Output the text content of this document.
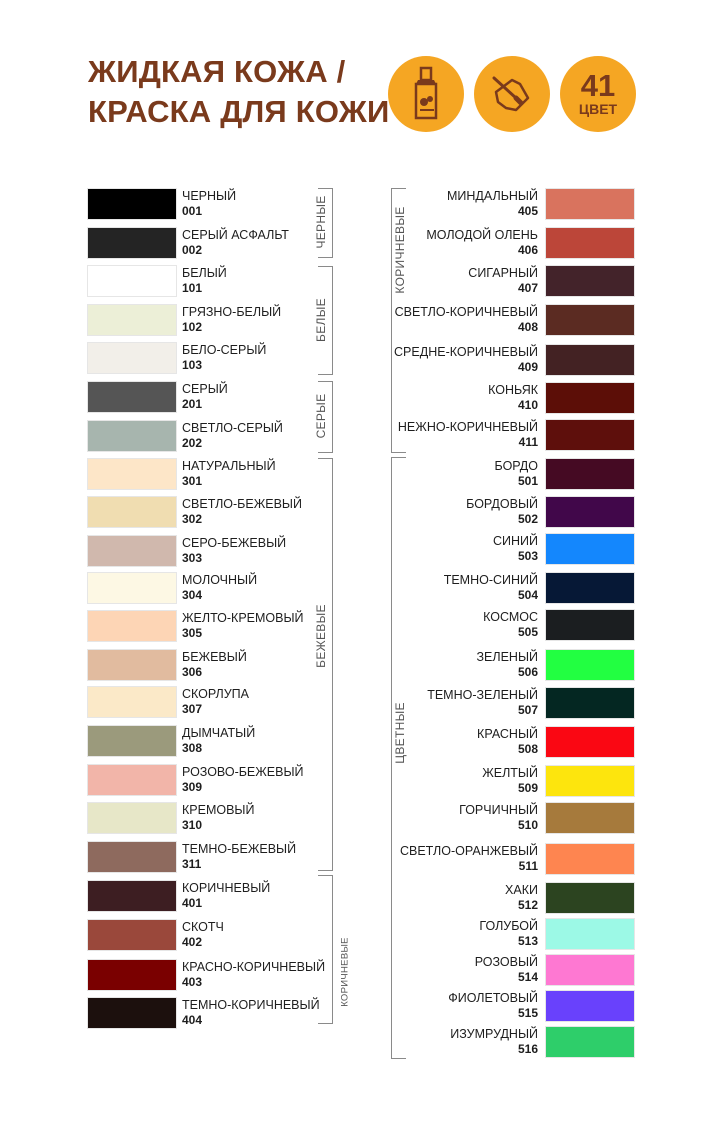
ЖИДКАЯ КОЖА /
КРАСКА ДЛЯ КОЖИ
41
ЦВЕТ
ЧЕРНЫЙ
001
СЕРЫЙ АСФАЛЬТ
002
БЕЛЫЙ
101
ГРЯЗНО-БЕЛЫЙ
102
БЕЛО-СЕРЫЙ
103
СЕРЫЙ
201
СВЕТЛО-СЕРЫЙ
202
НАТУРАЛЬНЫЙ
301
СВЕТЛО-БЕЖЕВЫЙ
302
СЕРО-БЕЖЕВЫЙ
303
МОЛОЧНЫЙ
304
ЖЕЛТО-КРЕМОВЫЙ
305
БЕЖЕВЫЙ
306
СКОРЛУПА
307
ДЫМЧАТЫЙ
308
РОЗОВО-БЕЖЕВЫЙ
309
КРЕМОВЫЙ
310
ТЕМНО-БЕЖЕВЫЙ
311
КОРИЧНЕВЫЙ
401
СКОТЧ
402
КРАСНО-КОРИЧНЕВЫЙ
403
ТЕМНО-КОРИЧНЕВЫЙ
404
МИНДАЛЬНЫЙ
405
МОЛОДОЙ ОЛЕНЬ
406
СИГАРНЫЙ
407
СВЕТЛО-КОРИЧНЕВЫЙ
408
СРЕДНЕ-КОРИЧНЕВЫЙ
409
КОНЬЯК
410
НЕЖНО-КОРИЧНЕВЫЙ
411
БОРДО
501
БОРДОВЫЙ
502
СИНИЙ
503
ТЕМНО-СИНИЙ
504
КОСМОС
505
ЗЕЛЕНЫЙ
506
ТЕМНО-ЗЕЛЕНЫЙ
507
КРАСНЫЙ
508
ЖЕЛТЫЙ
509
ГОРЧИЧНЫЙ
510
СВЕТЛО-ОРАНЖЕВЫЙ
511
ХАКИ
512
ГОЛУБОЙ
513
РОЗОВЫЙ
514
ФИОЛЕТОВЫЙ
515
ИЗУМРУДНЫЙ
516
ЧЕРНЫЕ
БЕЛЫЕ
СЕРЫЕ
БЕЖЕВЫЕ
КОРИЧНЕВЫЕ
КОРИЧНЕВЫЕ
ЦВЕТНЫЕ
